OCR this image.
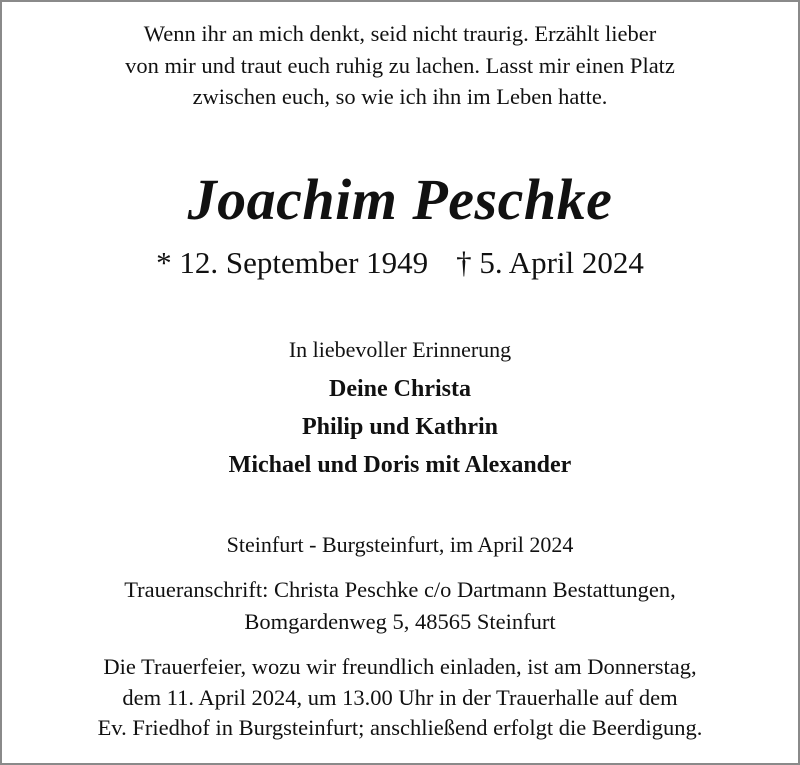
Wenn ihr an mich denkt, seid nicht traurig. Erzählt lieber
von mir und traut euch ruhig zu lachen. Lasst mir einen Platz
zwischen euch, so wie ich ihn im Leben hatte.
Joachim Peschke
* 12. September 1949 † 5. April 2024
In liebevoller Erinnerung
Deine Christa
Philip und Kathrin
Michael und Doris mit Alexander
Steinfurt - Burgsteinfurt, im April 2024
Traueranschrift: Christa Peschke c/o Dartmann Bestattungen,
Bomgardenweg 5, 48565 Steinfurt
Die Trauerfeier, wozu wir freundlich einladen, ist am Donnerstag,
dem 11. April 2024, um 13.00 Uhr in der Trauerhalle auf dem
Ev. Friedhof in Burgsteinfurt; anschließend erfolgt die Beerdigung.
